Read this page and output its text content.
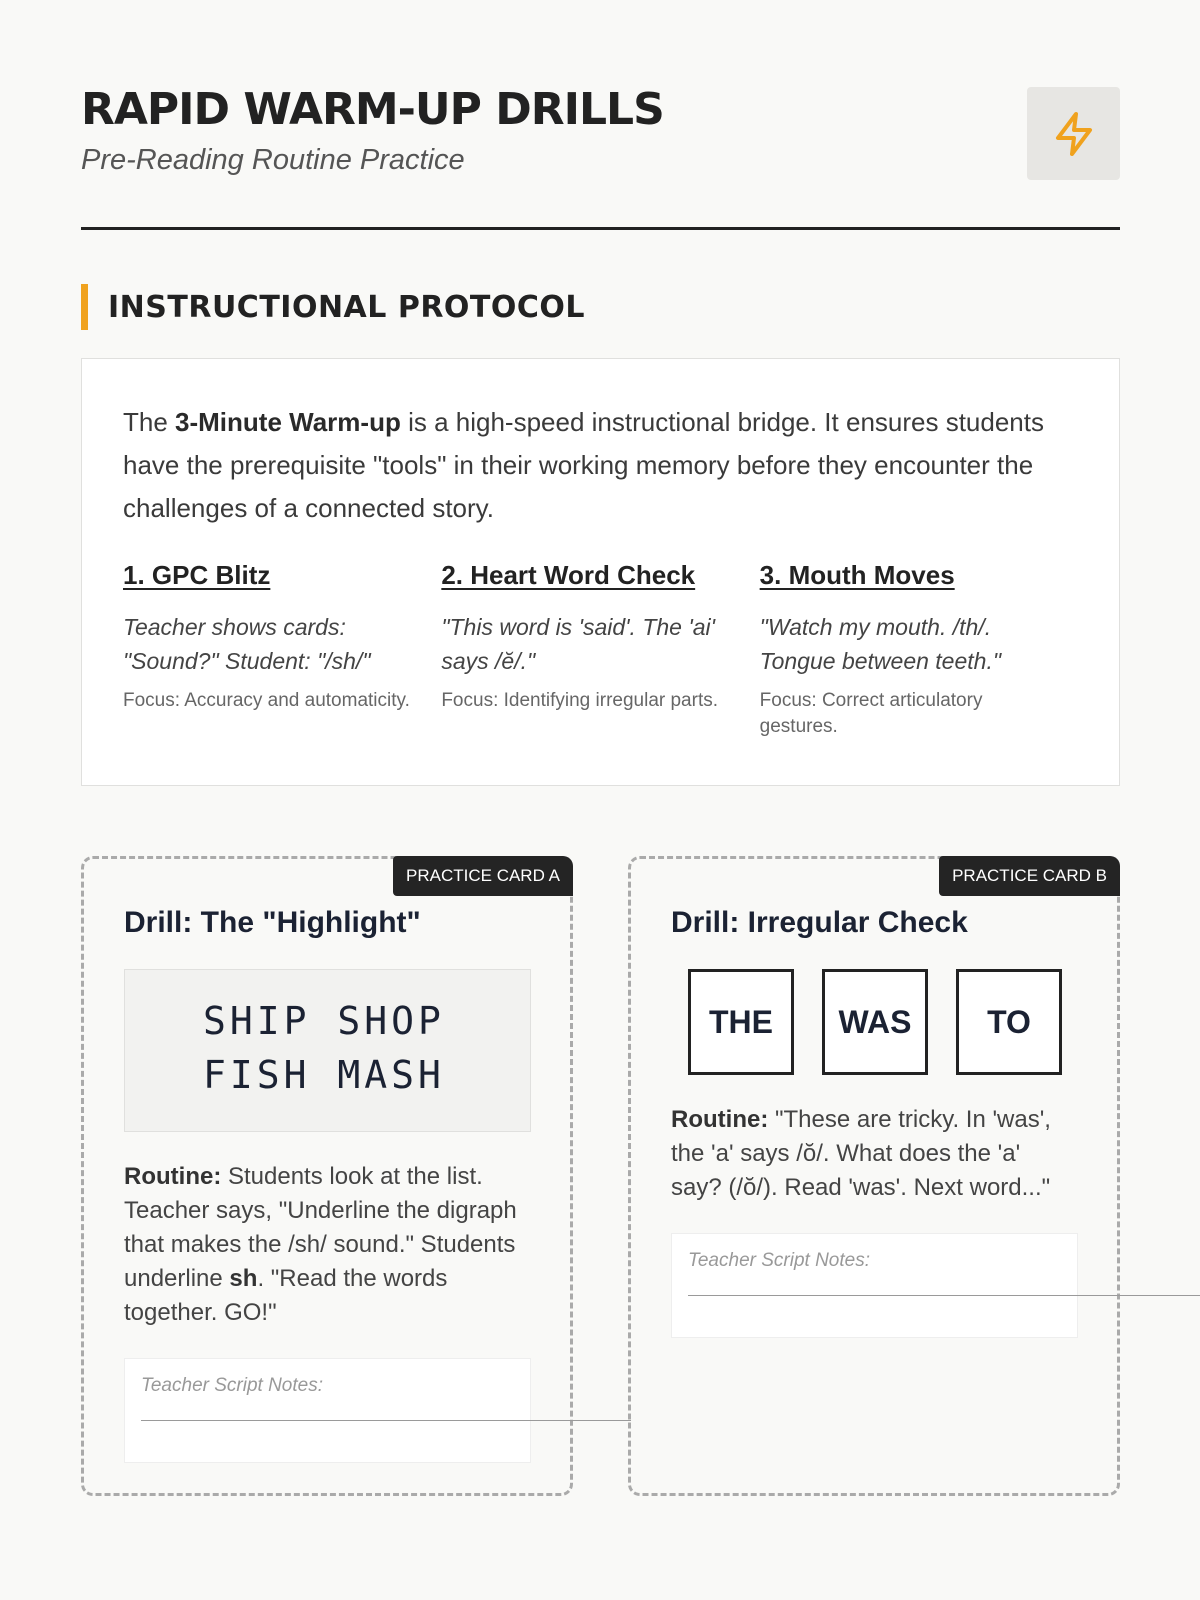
RAPID WARM-UP DRILLS
Pre-Reading Routine Practice
INSTRUCTIONAL PROTOCOL

The 3-Minute Warm-up is a high-speed instructional bridge. It ensures students have the prerequisite "tools" in their working memory before they encounter the challenges of a connected story.

1. GPC Blitz
Teacher shows cards: "Sound?" Student: "/sh/"
Focus: Accuracy and automaticity.
2. Heart Word Check
"This word is 'said'. The 'ai' says /ĕ/."
Focus: Identifying irregular parts.
3. Mouth Moves
"Watch my mouth. /th/. Tongue between teeth."
Focus: Correct articulatory gestures.
PRACTICE CARD A
Drill: The "Highlight"
SHIP SHOP
FISH MASH

Routine: Students look at the list. Teacher says, "Underline the digraph that makes the /sh/ sound." Students underline sh. "Read the words together. GO!"

Teacher Script Notes:
PRACTICE CARD B
Drill: Irregular Check
THE	WAS	TO

Routine: "These are tricky. In 'was', the 'a' says /ŏ/. What does the 'a' say? (/ŏ/). Read 'was'. Next word..."

Teacher Script Notes:
